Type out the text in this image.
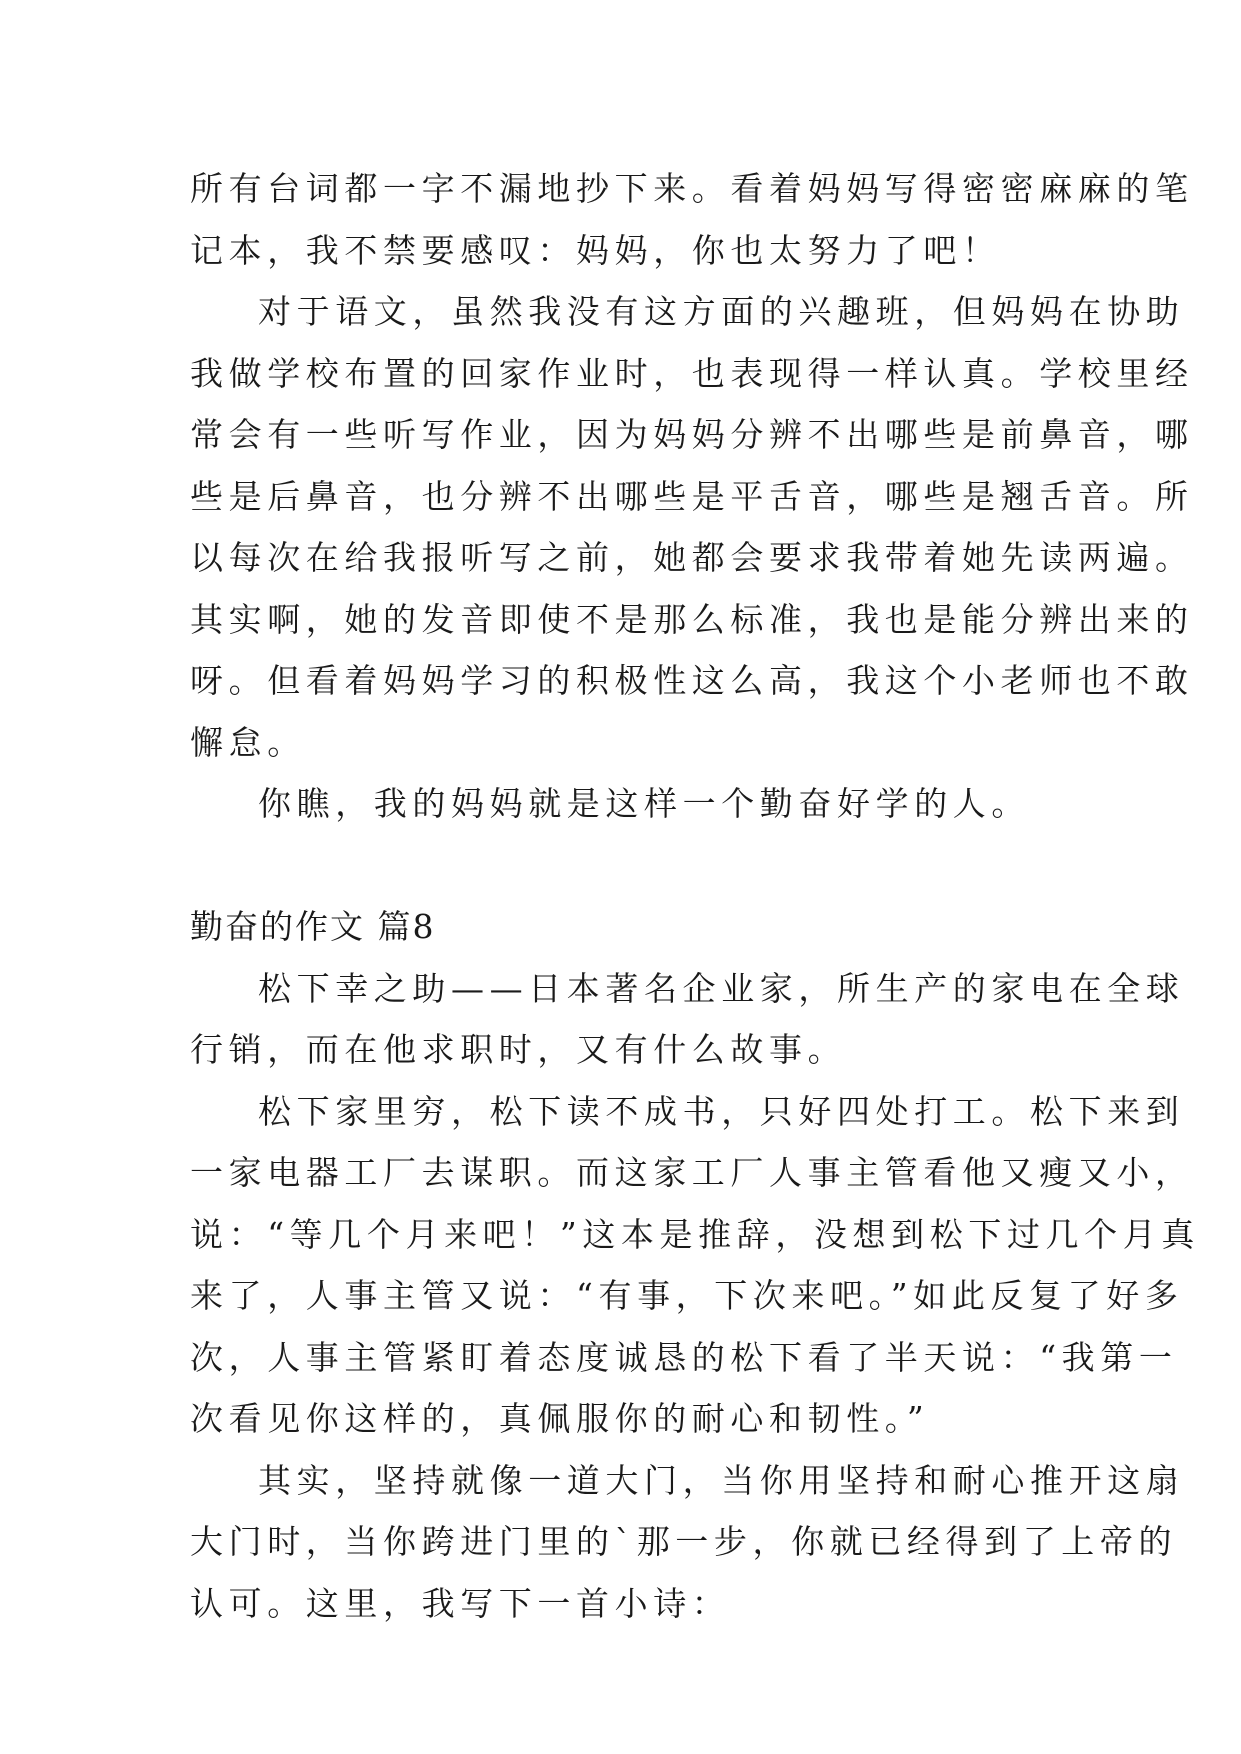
所有台词都一字不漏地抄下来。看着妈妈写得密密麻麻的笔
记本，我不禁要感叹：妈妈，你也太努力了吧！
对于语文，虽然我没有这方面的兴趣班，但妈妈在协助
我做学校布置的回家作业时，也表现得一样认真。学校里经
常会有一些听写作业，因为妈妈分辨不出哪些是前鼻音，哪
些是后鼻音，也分辨不出哪些是平舌音，哪些是翘舌音。所
以每次在给我报听写之前，她都会要求我带着她先读两遍。
其实啊，她的发音即使不是那么标准，我也是能分辨出来的
呀。但看着妈妈学习的积极性这么高，我这个小老师也不敢
懈怠。
你瞧，我的妈妈就是这样一个勤奋好学的人。
勤奋的作文 篇8
松下幸之助——日本著名企业家，所生产的家电在全球
行销，而在他求职时，又有什么故事。
松下家里穷，松下读不成书，只好四处打工。松下来到
一家电器工厂去谋职。而这家工厂人事主管看他又瘦又小，
说：“等几个月来吧！”这本是推辞，没想到松下过几个月真
来了，人事主管又说：“有事，下次来吧。”如此反复了好多
次，人事主管紧盯着态度诚恳的松下看了半天说：“我第一
次看见你这样的，真佩服你的耐心和韧性。”
其实，坚持就像一道大门，当你用坚持和耐心推开这扇
大门时，当你跨进门里的`那一步，你就已经得到了上帝的
认可。这里，我写下一首小诗：
